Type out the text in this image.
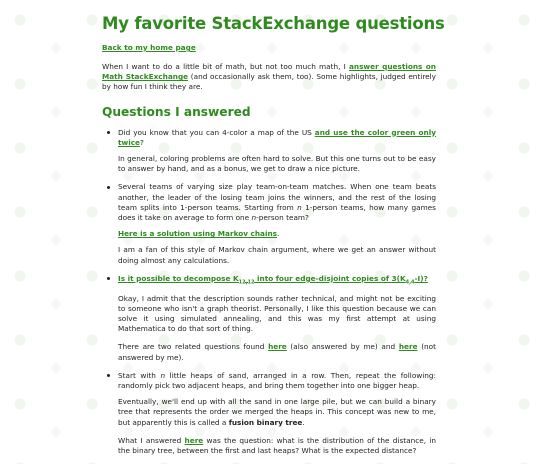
My favorite StackExchange questions
Back to my home page

When I want to do a little bit of math, but not too much math, I answer questions on Math StackExchange (and occasionally ask them, too). Some highlights, judged entirely by how fun I think they are.

Questions I answered

Did you know that you can 4-color a map of the US and use the color green only twice?

In general, coloring problems are often hard to solve. But this one turns out to be easy to answer by hand, and as a bonus, we get to draw a nice picture.

Several teams of varying size play team-on-team matches. When one team beats another, the leader of the losing team joins the winners, and the rest of the losing team splits into 1-person teams. Starting from n 1-person teams, how many games does it take on average to form one n-person team?

Here is a solution using Markov chains.

I am a fan of this style of Markov chain argument, where we get an answer without doing almost any calculations.

Is it possible to decompose $K_{12,12}$ into four edge-disjoint copies of $3(K_{4,4}-I)$?

Okay, I admit that the description sounds rather technical, and might not be exciting to someone who isn't a graph theorist. Personally, I like this question because we can solve it using simulated annealing, and this was my first attempt at using Mathematica to do that sort of thing.

There are two related questions found here (also answered by me) and here (not answered by me).

Start with n little heaps of sand, arranged in a row. Then, repeat the following: randomly pick two adjacent heaps, and bring them together into one bigger heap.

Eventually, we'll end up with all the sand in one large pile, but we can build a binary tree that represents the order we merged the heaps in. This concept was new to me, but apparently this is called a fusion binary tree.

What I answered here was the question: what is the distribution of the distance, in the binary tree, between the first and last heaps? What is the expected distance?
